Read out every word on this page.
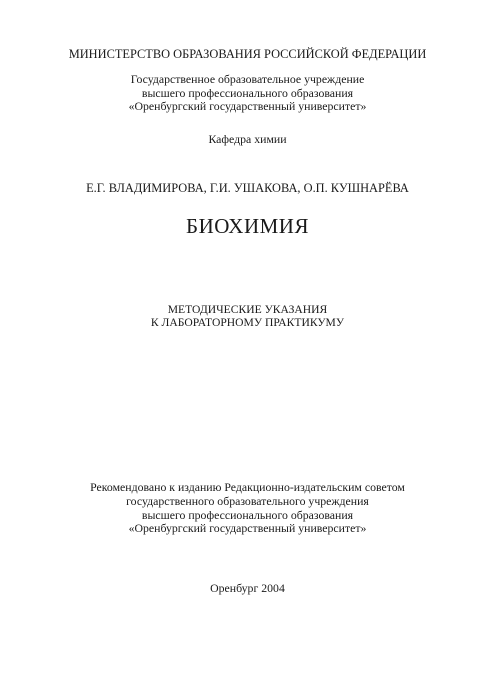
МИНИСТЕРСТВО ОБРАЗОВАНИЯ РОССИЙСКОЙ ФЕДЕРАЦИИ
Государственное образовательное учреждение
высшего профессионального образования
«Оренбургский государственный университет»
Кафедра химии
Е.Г. ВЛАДИМИРОВА, Г.И. УШАКОВА, О.П. КУШНАРЁВА
БИОХИМИЯ
МЕТОДИЧЕСКИЕ УКАЗАНИЯ
К ЛАБОРАТОРНОМУ ПРАКТИКУМУ
Рекомендовано к изданию Редакционно-издательским советом
государственного образовательного учреждения
высшего профессионального образования
«Оренбургский государственный университет»
Оренбург 2004
